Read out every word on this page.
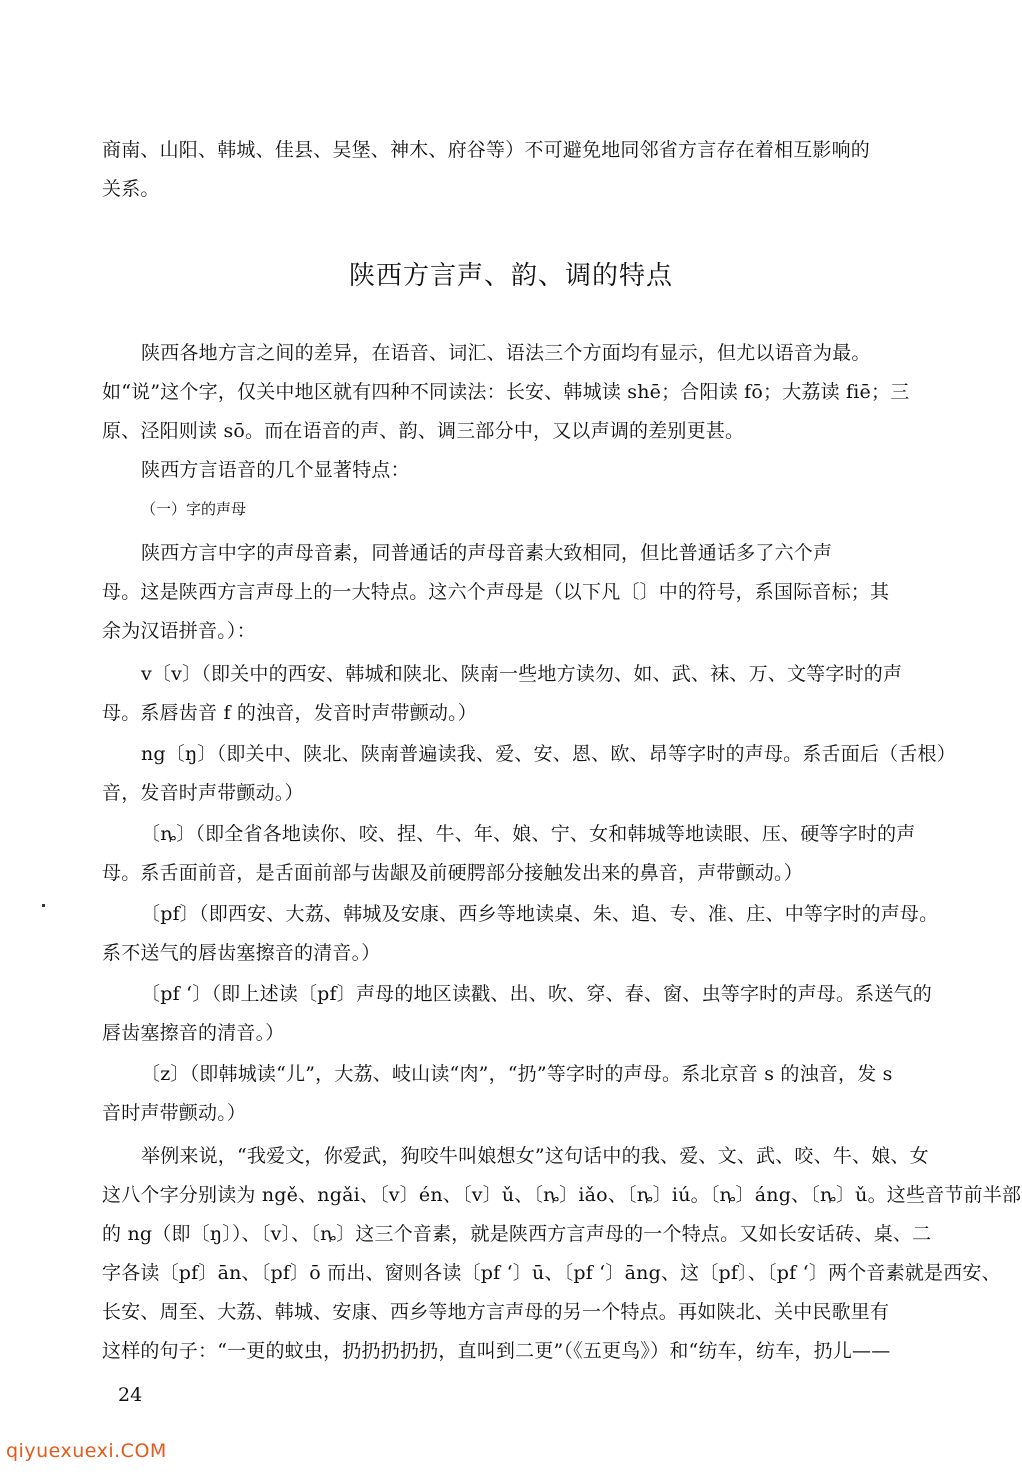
商南、山阳、韩城、佳县、吴堡、神木、府谷等）不可避免地同邻省方言存在着相互影响的
关系。
陕西方言声、韵、调的特点
陕西各地方言之间的差异，在语音、词汇、语法三个方面均有显示，但尤以语音为最。
如“说”这个字，仅关中地区就有四种不同读法：长安、韩城读 shē；合阳读 fō；大荔读 fiē；三
原、泾阳则读 sō。而在语音的声、韵、调三部分中，又以声调的差别更甚。
陕西方言语音的几个显著特点：
（一）字的声母
陕西方言中字的声母音素，同普通话的声母音素大致相同，但比普通话多了六个声
母。这是陕西方言声母上的一大特点。这六个声母是（以下凡〔〕中的符号，系国际音标；其
余为汉语拼音。）：
v〔v〕（即关中的西安、韩城和陕北、陕南一些地方读勿、如、武、袜、万、文等字时的声
母。系唇齿音 f 的浊音，发音时声带颤动。）
ng〔ŋ〕（即关中、陕北、陕南普遍读我、爱、安、恩、欧、昂等字时的声母。系舌面后（舌根）
音，发音时声带颤动。）
〔ȵ〕（即全省各地读你、咬、捏、牛、年、娘、宁、女和韩城等地读眼、压、硬等字时的声
母。系舌面前音，是舌面前部与齿龈及前硬腭部分接触发出来的鼻音，声带颤动。）
〔pf〕（即西安、大荔、韩城及安康、西乡等地读桌、朱、追、专、准、庄、中等字时的声母。
系不送气的唇齿塞擦音的清音。）
〔pf ‘〕（即上述读〔pf〕声母的地区读戳、出、吹、穿、春、窗、虫等字时的声母。系送气的
唇齿塞擦音的清音。）
〔z〕（即韩城读“儿”，大荔、岐山读“肉”，“扔”等字时的声母。系北京音 s 的浊音，发 s
音时声带颤动。）
举例来说，“我爱文，你爱武，狗咬牛叫娘想女”这句话中的我、爱、文、武、咬、牛、娘、女
这八个字分别读为 ngě、ngǎi、〔v〕én、〔v〕ǔ、〔ȵ〕iǎo、〔ȵ〕iú。〔ȵ〕áng、〔ȵ〕ǔ。这些音节前半部
的 ng（即〔ŋ〕）、〔v〕、〔ȵ〕这三个音素，就是陕西方言声母的一个特点。又如长安话砖、桌、二
字各读〔pf〕ān、〔pf〕ō 而出、窗则各读〔pf ‘〕ū、〔pf ‘〕āng、这〔pf〕、〔pf ‘〕两个音素就是西安、
长安、周至、大荔、韩城、安康、西乡等地方言声母的另一个特点。再如陕北、关中民歌里有
这样的句子：“一更的蚊虫，扔扔扔扔扔，直叫到二更”（《五更鸟》）和“纺车，纺车，扔儿——
24
qiyuexuexi.COM
